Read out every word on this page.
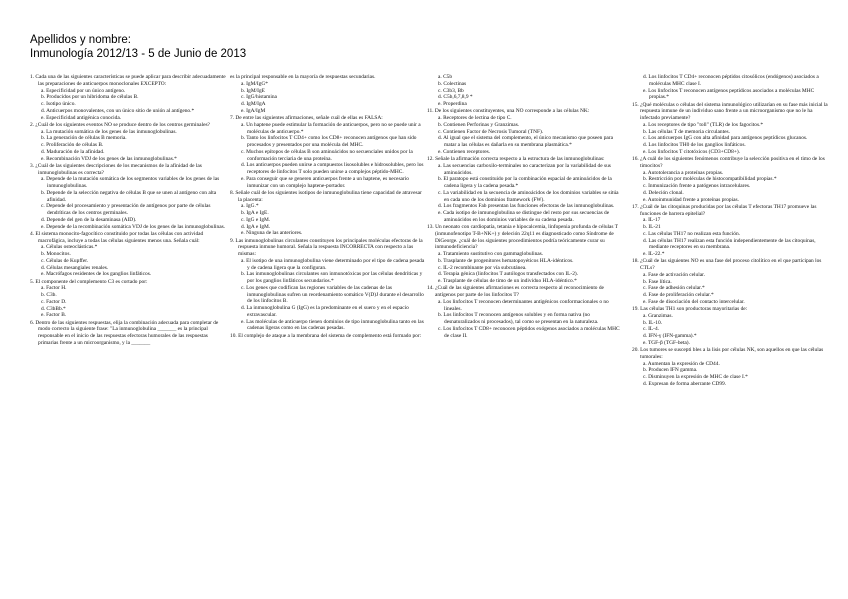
Apellidos y nombre:
Inmunología 2012/13 - 5 de Junio de 2013
1. Cada una de las siguientes características se puede aplicar para describir adecuadamente las preparaciones de anticuerpos monoclonales EXCEPTO:
a. Especificidad por un único antígeno.
b. Producidos por un hibridoma de células B.
c. Isotipo único.
d. Anticuerpos monovalentes, con un único sitio de unión al antígeno.*
e. Especificidad antigénica conocida.
2. ¿Cuál de los siguientes eventos NO se produce dentro de los centros germinales?
a. La mutación somática de los genes de las inmunoglobulinas.
b. La generación de células B memoria.
c. Proliferación de células B.
d. Maduración de la afinidad.
e. Recombinación VDJ de los genes de las inmunoglobulinas.*
3. ¿Cuál de las siguientes descripciones de los mecanismos de la afinidad de las inmunoglobulinas es correcta?
a. Depende de la mutación somática de los segmentos variables de los genes de las inmunoglobulinas.
b. Depende de la selección negativa de células B que se unen al antígeno con alta afinidad.
c. Depende del procesamiento y presentación de antígenos por parte de células dendríticas de los centros germinales.
d. Depende del gen de la desaminasa (AID).
e. Depende de la recombinación somática VDJ de los genes de las inmunoglobulinas.
4. El sistema monocito-fagocítico constituido por todas las células con actividad macrofágica, incluye a todas las células siguientes menos una. Señala cuál:
a. Células osteoclásticas.*
b. Monocitos.
c. Células de Kupffer.
d. Células mesangiales renales.
e. Macrófagos residentes de los ganglios linfáticos.
5. El componente del complemento C3 es cortado por:
a. Factor H.
b. C3b.
c. Factor D.
d. C3bBb.*
e. Factor B.
6. Dentro de las siguientes respuestas, elija la combinación adecuada para completar de modo correcto la siguiente frase: "La inmunoglobulina _______ es la principal responsable en el inicio de las respuestas efectoras humorales de las respuestas primarias frente a un microorganismo, y la _______
es la principal responsable en la mayoría de respuestas secundarias.
a. IgM/IgG*
b. IgM/IgE
c. IgG/histamina
d. IgM/IgA
e. IgA/IgM
7. De entre las siguientes afirmaciones, señale cuál de ellas es FALSA:
a. Un haptene puede estimular la formación de anticuerpos, pero no se puede unir a moléculas de anticuerpo.*
b. Tanto los linfocitos T CD4+ como los CD8+ reconocen antígenos que han sido procesados y presentados por una molécula del MHC.
c. Muchos epítopos de células B son aminoácidos no secuenciales unidos por la conformación terciaria de una proteína.
d. Los anticuerpos pueden unirse a compuestos lisosolubles e hidrosolubles, pero los receptores de linfocitos T solo pueden unirse a complejos péptido-MHC.
e. Para conseguir que se generen anticuerpos frente a un haptene, es necesario inmunizar con un complejo haptene-portador.
8. Señale cuál de los siguientes isotipos de inmunoglobulina tiene capacidad de atravesar la placenta:
a. IgG.*
b. IgA e IgE.
c. IgG e IgM.
d. IgA e IgM.
e. Ninguna de las anteriores.
9. Las inmunoglobulinas circulantes constituyen los principales moléculas efectoras de la respuesta inmune humoral. Señala la respuesta INCORRECTA con respecto a las mismas:
a. El isotipo de una inmunoglobulina viene determinado por el tipo de cadena pesada y de cadena ligera que la configuran.
b. Las inmunoglobulinas circulantes son inmunotóxicas por las células dendríticas y por los ganglios linfáticos secundarios.*
c. Los genes que codifican las regiones variables de las cadenas de las inmunoglobulinas sufren un reordenamiento somático V(D)J durante el desarrollo de los linfocitos B.
d. La inmunoglobulina G (IgG) es la predominante en el suero y en el espacio extravascular.
e. Las moléculas de anticuerpo tienen dominios de tipo inmunoglobulina tanto en las cadenas ligeras como en las cadenas pesadas.
10. El complejo de ataque a la membrana del sistema de complemento está formado por:
a. C5b
b. Colectinas
c. C3b3, Bb
d. C5b,6,7,8,9 *
e. Properdina
11. De los siguientes constituyentes, una NO corresponde a las células NK:
a. Receptores de lectina de tipo C.
b. Contienen Perforinas y Granzimas.
c. Contienen Factor de Necrosis Tumoral (TNF).
d. Al igual que el sistema del complemento, el único mecanismo que poseen para matar a las células es dañarla en su membrana plasmática.*
e. Contienen receptores.
12. Señale la afirmación correcta respecto a la estructura de las inmunoglobulinas:
a. Las secuencias carboxilo-terminales no caracterizan por la variabilidad de sus aminoácidos.
b. El paratopo está constituido por la combinación espacial de aminoácidos de la cadena ligera y la cadena pesada.*
c. La variabilidad en la secuencia de aminoácidos de los dominios variables se sitúa en cada uno de los dominios framework (FW).
d. Los fragmentos Fab presentan las funciones efectoras de las inmunoglobulinas.
e. Cada isotipo de inmunoglobulina se distingue del resto por sus secuencias de aminoácidos en los dominios variables de su cadena pesada.
13. Un neonato con cardiopatía, tetania e hipocalcemia, linfopenia profunda de células T (inmunofenotipo T-B+NK+) y deleción 22q11 es diagnosticado como Síndrome de DiGeorge. ¿cuál de los siguientes procedimientos podría teóricamente curar su inmunodeficiencia?
a. Tratamiento sustitutivo con gammaglobulinas.
b. Trasplante de progenitores hematopoyéticos HLA-idénticos.
c. IL-2 recombinante por vía subcutánea.
d. Terapia génica (linfocitos T autólogos transfectados con IL-2).
e. Trasplante de células de timo de un individuo HLA-idéntico.*
14. ¿Cuál de las siguientes afirmaciones es correcta respecto al reconocimiento de antígenos por parte de los linfocitos T?
a. Los linfocitos T reconocen determinantes antigénicos conformacionales o no lineales.
b. Los linfocitos T reconocen antígenos solubles y en forma nativa (no desnaturalizados ni procesados), tal como se presentan en la naturaleza.
c. Los linfocitos T CD8+ reconocen péptidos exógenos asociados a moléculas MHC de clase II.
d. Los linfocitos T CD4+ reconocen péptidos citosólicos (endógenos) asociados a moléculas MHC clase I.
e. Los linfocitos T reconocen antígenos peptídicos asociados a moléculas MHC propias.*
15. ¿Qué moléculas o células del sistema inmunológico utilizarían en su fase más inicial la respuesta inmune de un individuo sano frente a un microorganismo que no le ha infectado previamente?
a. Los receptores de tipo "toll" (TLR) de los fagocitos.*
b. Las células T de memoria circulantes.
c. Los anticuerpos IgG con alta afinidad para antígenos peptídicos glucanos.
d. Los linfocitos TH0 de los ganglios linfáticos.
e. Los linfocitos T citotóxicos (CD3+CD8+).
16. ¿A cuál de los siguientes fenómenos contribuye la selección positiva en el timo de los timocitos?
a. Autotolerancia a proteínas propias.
b. Restricción por moléculas de histocompatibilidad propias.*
c. Inmunización frente a patógenos intracelulares.
d. Deleción clonal.
e. Autoinmunidad frente a proteínas propias.
17. ¿Cuál de las citoquinas producidas por las células T efectoras TH17 promueve las funciones de barrera epitelial?
a. IL-17
b. IL-21
c. Las células TH17 no realizan esta función.
d. Las células TH17 realizan esta función independientemente de las citoquinas, mediante receptores en su membrana.
e. IL-22.*
18. ¿Cuál de las siguientes NO es una fase del proceso citolítico en el que participan los CTLs?
a. Fase de activación celular.
b. Fase lítica.
c. Fase de adhesión celular.*
d. Fase de proliferación celular.*
e. Fase de disociación del contacto intercelular.
19. Las células TH1 son productoras mayoritarias de:
a. Granzimas.
b. IL-10.
c. IL-4.
d. IFN-γ (IFN-gamma).*
e. TGF-β (TGF-beta).
20. Los tumores se suscepti bles a la lisis por células NK, son aquellos en que las células tumorales:
a. Aumentan la expresión de CD44.
b. Producen IFN gamma.
c. Disminuyen la expresión de MHC de clase I.*
d. Expresan de forma aberrante CD99.
